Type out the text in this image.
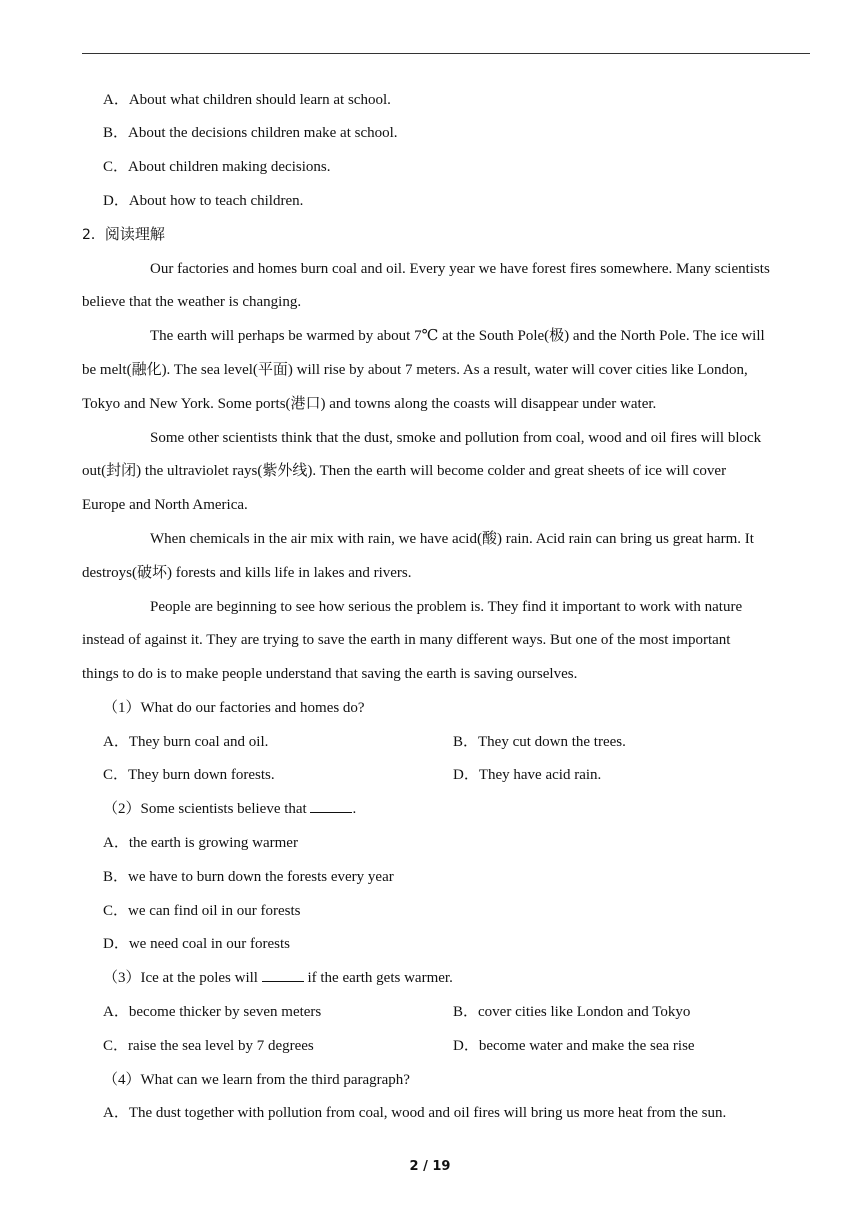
A．About what children should learn at school.
B．About the decisions children make at school.
C．About children making decisions.
D．About how to teach children.
2．阅读理解
Our factories and homes burn coal and oil. Every year we have forest fires somewhere. Many scientists
believe that the weather is changing.
The earth will perhaps be warmed by about 7℃ at the South Pole(极) and the North Pole. The ice will
be melt(融化). The sea level(平面) will rise by about 7 meters. As a result, water will cover cities like London,
Tokyo and New York. Some ports(港口) and towns along the coasts will disappear under water.
Some other scientists think that the dust, smoke and pollution from coal, wood and oil fires will block
out(封闭) the ultraviolet rays(紫外线). Then the earth will become colder and great sheets of ice will cover
Europe and North America.
When chemicals in the air mix with rain, we have acid(酸) rain. Acid rain can bring us great harm. It
destroys(破坏) forests and kills life in lakes and rivers.
People are beginning to see how serious the problem is. They find it important to work with nature
instead of against it. They are trying to save the earth in many different ways. But one of the most important
things to do is to make people understand that saving the earth is saving ourselves.
（1）What do our factories and homes do?
A．They burn coal and oil.	B．They cut down the trees.
C．They burn down forests.	D．They have acid rain.
（2）Some scientists believe that	.
A．the earth is growing warmer
B．we have to burn down the forests every year
C．we can find oil in our forests
D．we need coal in our forests
（3）Ice at the poles will	if the earth gets warmer.
A．become thicker by seven meters	B．cover cities like London and Tokyo
C．raise the sea level by 7 degrees	D．become water and make the sea rise
（4）What can we learn from the third paragraph?
A．The dust together with pollution from coal, wood and oil fires will bring us more heat from the sun.
2 / 19
